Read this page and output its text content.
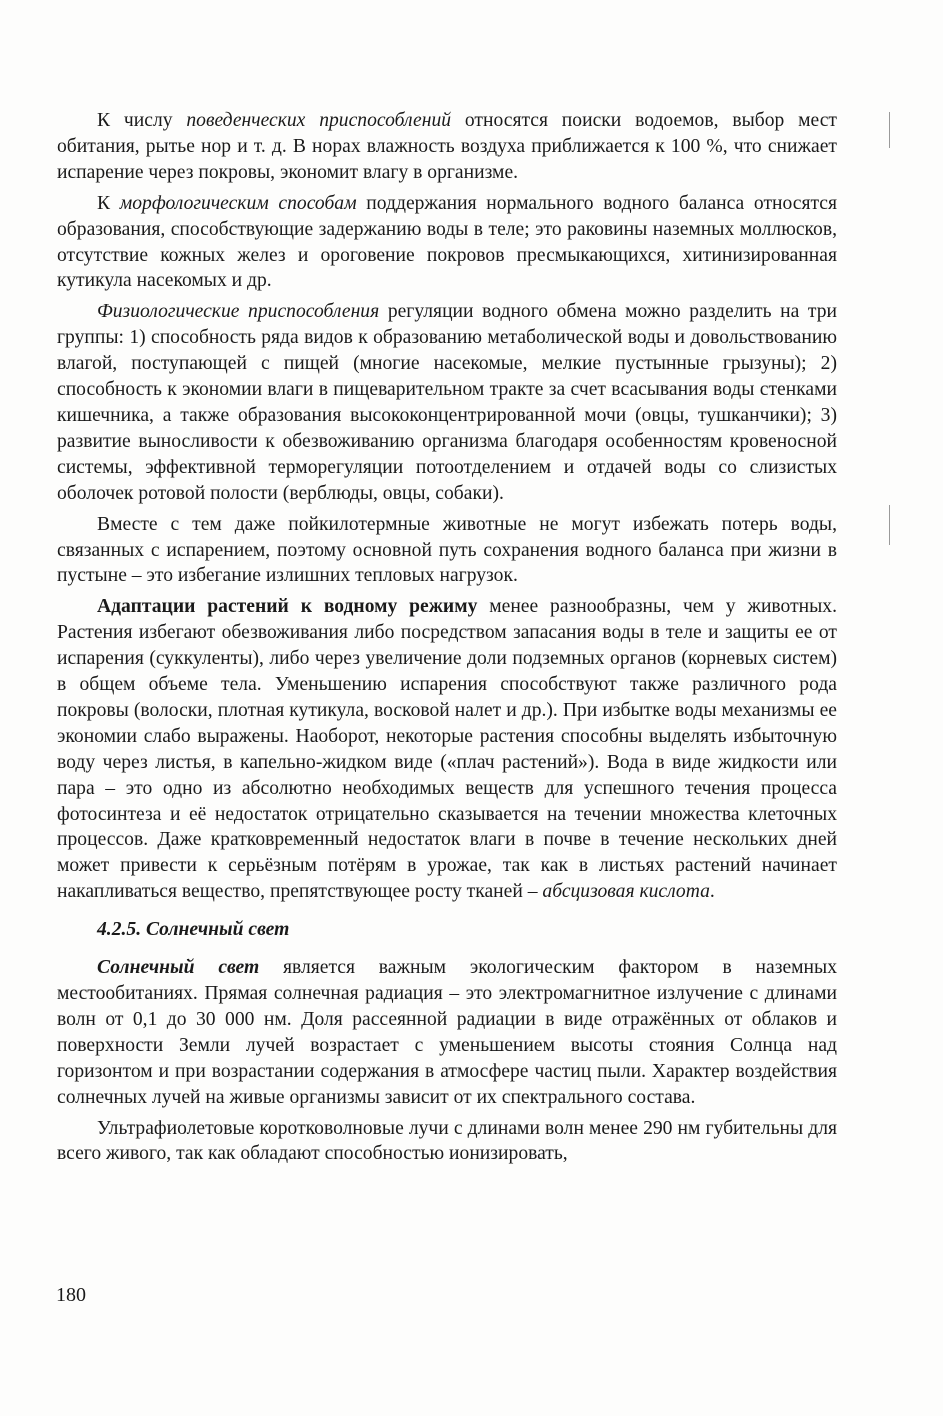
К числу поведенческих приспособлений относятся поиски водоемов, выбор мест обитания, рытье нор и т. д. В норах влажность воздуха приближается к 100 %, что снижает испарение через покровы, экономит влагу в организме.

К морфологическим способам поддержания нормального водного баланса относятся образования, способствующие задержанию воды в теле; это раковины наземных моллюсков, отсутствие кожных желез и ороговение покровов пресмыкающихся, хитинизированная кутикула насекомых и др.

Физиологические приспособления регуляции водного обмена можно разделить на три группы: 1) способность ряда видов к образованию метаболической воды и довольствованию влагой, поступающей с пищей (многие насекомые, мелкие пустынные грызуны); 2) способность к экономии влаги в пищеварительном тракте за счет всасывания воды стенками кишечника, а также образования высококонцентрированной мочи (овцы, тушканчики); 3) развитие выносливости к обезвоживанию организма благодаря особенностям кровеносной системы, эффективной терморегуляции потоотделением и отдачей воды со слизистых оболочек ротовой полости (верблюды, овцы, собаки).

Вместе с тем даже пойкилотермные животные не могут избежать потерь воды, связанных с испарением, поэтому основной путь сохранения водного баланса при жизни в пустыне – это избегание излишних тепловых нагрузок.

Адаптации растений к водному режиму менее разнообразны, чем у животных. Растения избегают обезвоживания либо посредством запасания воды в теле и защиты ее от испарения (суккуленты), либо через увеличение доли подземных органов (корневых систем) в общем объеме тела. Уменьшению испарения способствуют также различного рода покровы (волоски, плотная кутикула, восковой налет и др.). При избытке воды механизмы ее экономии слабо выражены. Наоборот, некоторые растения способны выделять избыточную воду через листья, в капельно-жидком виде («плач растений»). Вода в виде жидкости или пара – это одно из абсолютно необходимых веществ для успешного течения процесса фотосинтеза и её недостаток отрицательно сказывается на течении множества клеточных процессов. Даже кратковременный недостаток влаги в почве в течение нескольких дней может привести к серьёзным потёрям в урожае, так как в листьях растений начинает накапливаться вещество, препятствующее росту тканей – абсцизовая кислота.

4.2.5. Солнечный свет

Солнечный свет является важным экологическим фактором в наземных местообитаниях. Прямая солнечная радиация – это электромагнитное излучение с длинами волн от 0,1 до 30 000 нм. Доля рассеянной радиации в виде отражённых от облаков и поверхности Земли лучей возрастает с уменьшением высоты стояния Солнца над горизонтом и при возрастании содержания в атмосфере частиц пыли. Характер воздействия солнечных лучей на живые организмы зависит от их спектрального состава.

Ультрафиолетовые коротковолновые лучи с длинами волн менее 290 нм губительны для всего живого, так как обладают способностью ионизировать,

180
